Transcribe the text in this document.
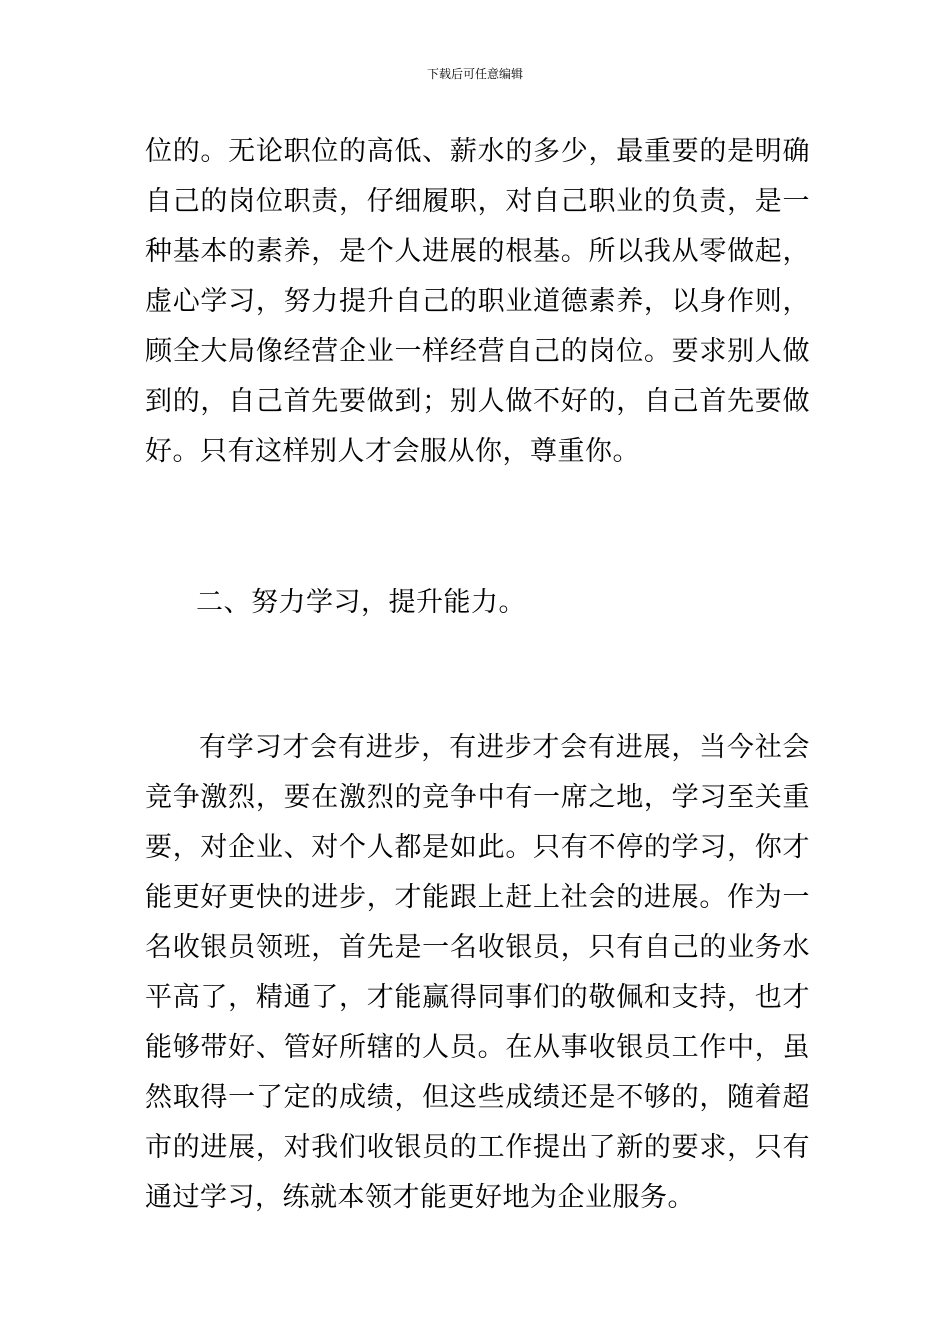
下载后可任意编辑

位的。无论职位的高低、薪水的多少，最重要的是明确自己的岗位职责，仔细履职，对自己职业的负责，是一种基本的素养，是个人进展的根基。所以我从零做起，虚心学习，努力提升自己的职业道德素养，以身作则，顾全大局像经营企业一样经营自己的岗位。要求别人做到的，自己首先要做到；别人做不好的，自己首先要做好。只有这样别人才会服从你，尊重你。

二、努力学习，提升能力。

有学习才会有进步，有进步才会有进展，当今社会竞争激烈，要在激烈的竞争中有一席之地，学习至关重要，对企业、对个人都是如此。只有不停的学习，你才能更好更快的进步，才能跟上赶上社会的进展。作为一名收银员领班，首先是一名收银员，只有自己的业务水平高了，精通了，才能赢得同事们的敬佩和支持，也才能够带好、管好所辖的人员。在从事收银员工作中，虽然取得一了定的成绩，但这些成绩还是不够的，随着超市的进展，对我们收银员的工作提出了新的要求，只有通过学习，练就本领才能更好地为企业服务。
